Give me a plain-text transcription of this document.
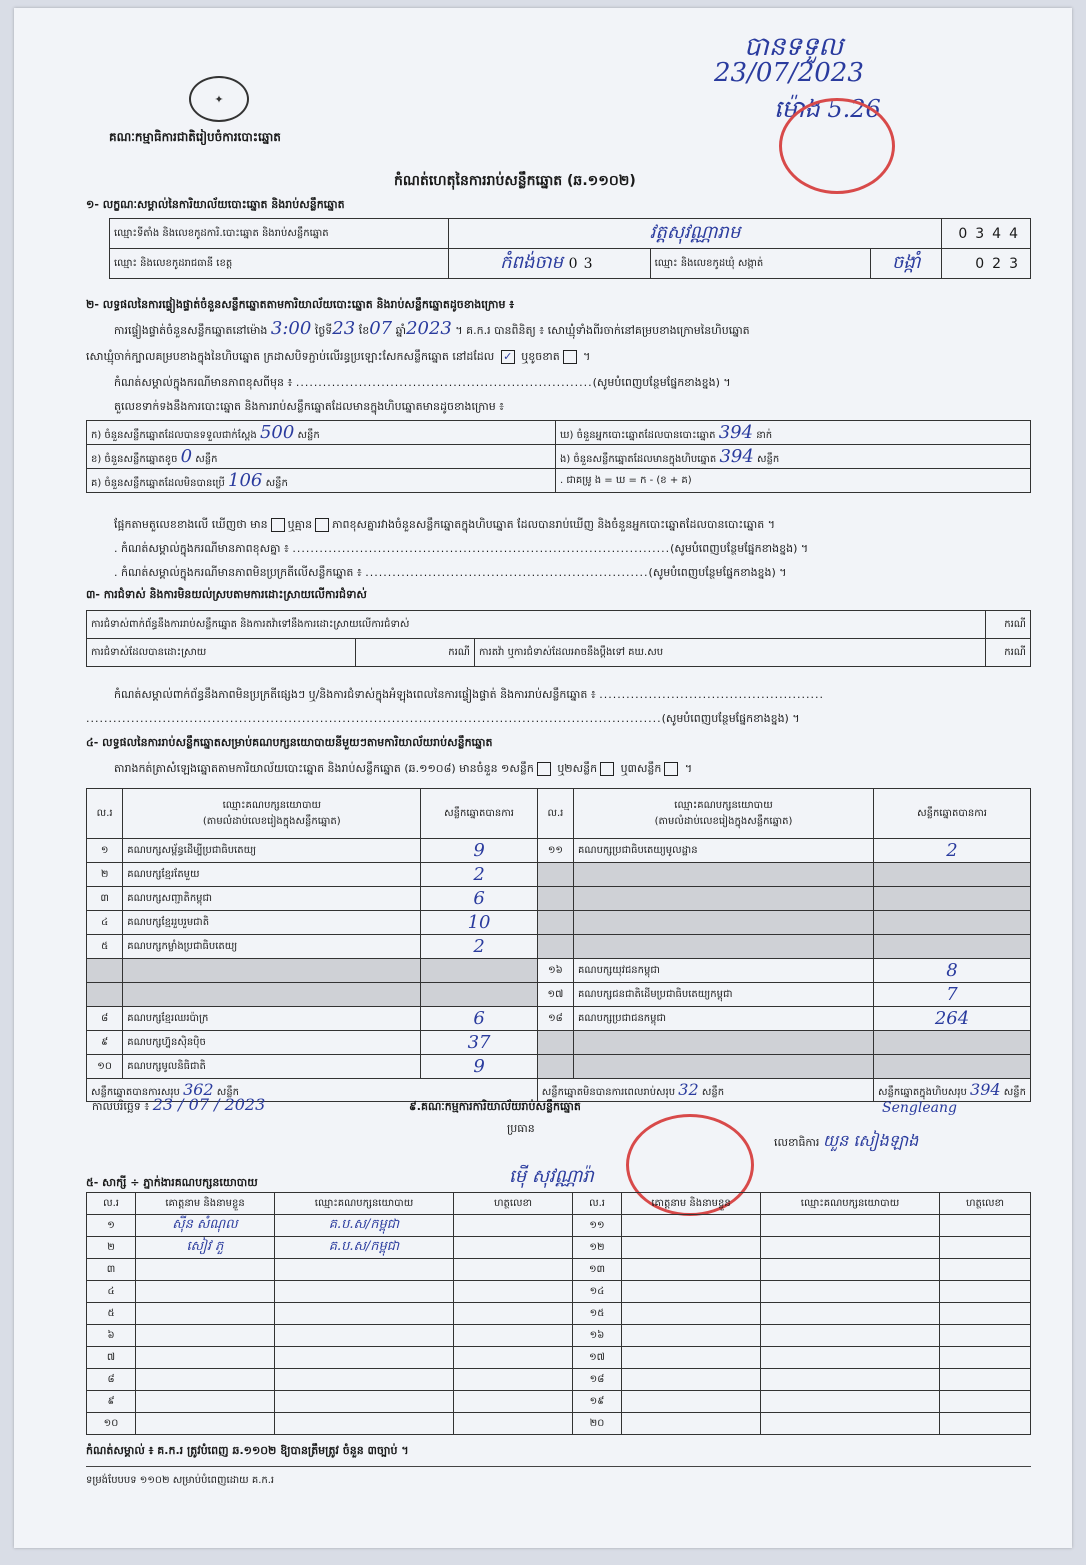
✦
គណៈកម្មាធិការជាតិរៀបចំការបោះឆ្នោត
បានទទួល
23/07/2023
ម៉ោង 5.26
កំណត់ហេតុនៃការរាប់សន្លឹកឆ្នោត (ឆ.១១០២)
១- លក្ខណៈសម្គាល់នៃការិយាល័យបោះឆ្នោត និងរាប់សន្លឹកឆ្នោត
ឈ្មោះទីតាំង និងលេខកូដការិ.បោះឆ្នោត និងរាប់សន្លឹកឆ្នោត	វត្តសុវណ្ណារាម			0344
ឈ្មោះ និងលេខកូដរាជធានី ខេត្ត	កំពង់ចាម 03	ឈ្មោះ និងលេខកូដឃុំ សង្កាត់	ចង្កាំ	023
២- លទ្ធផលនៃការផ្ទៀងផ្ទាត់ចំនួនសន្លឹកឆ្នោតតាមការិយាល័យបោះឆ្នោត និងរាប់សន្លឹកឆ្នោតដូចខាងក្រោម ៖
ការផ្ទៀងផ្ទាត់ចំនួនសន្លឹកឆ្នោតនៅម៉ោង 3:00 ថ្ងៃទី23 ខែ07 ឆ្នាំ2023 ។ គ.ក.រ បានពិនិត្យ ៖ សោឃ្មុំទាំងពីរចាក់នៅគម្របខាងក្រោមនៃហិបឆ្នោត
សោឃ្មុំចាក់ក្បាលគម្របខាងក្នុងនៃហិបឆ្នោត ក្រដាសបិទភ្ជាប់លើរន្ធប្រឡោះសែកសន្លឹកឆ្នោត នៅដដែល ✓ ឬខូចខាត ។
កំណត់សម្គាល់ក្នុងករណីមានភាពខុសពីមុន ៖ ..................................................................(សូមបំពេញបន្ថែមផ្នែកខាងខ្នង) ។
តួលេខទាក់ទងនឹងការបោះឆ្នោត និងការរាប់សន្លឹកឆ្នោតដែលមានក្នុងហិបឆ្នោតមានដូចខាងក្រោម ៖
ក) ចំនួនសន្លឹកឆ្នោតដែលបានទទួលជាក់ស្តែង 500 សន្លឹក	ឃ) ចំនួនអ្នកបោះឆ្នោតដែលបានបោះឆ្នោត 394 នាក់
ខ) ចំនួនសន្លឹកឆ្នោតខូច 0 សន្លឹក	ង) ចំនួនសន្លឹកឆ្នោតដែលមានក្នុងហិបឆ្នោត 394 សន្លឹក
គ) ចំនួនសន្លឹកឆ្នោតដែលមិនបានប្រើ 106 សន្លឹក	. ជាគម្រូ ង = ឃ = ក - (ខ + គ)
ផ្អែកតាមតួលេខខាងលើ ឃើញថា មាន ឬគ្មាន ភាពខុសគ្នារវាងចំនួនសន្លឹកឆ្នោតក្នុងហិបឆ្នោត ដែលបានរាប់ឃើញ និងចំនួនអ្នកបោះឆ្នោតដែលបានបោះឆ្នោត ។
. កំណត់សម្គាល់ក្នុងករណីមានភាពខុសគ្នា ៖ ....................................................................................(សូមបំពេញបន្ថែមផ្នែកខាងខ្នង) ។
. កំណត់សម្គាល់ក្នុងករណីមានភាពមិនប្រក្រតីលើសន្លឹកឆ្នោត ៖ ...............................................................(សូមបំពេញបន្ថែមផ្នែកខាងខ្នង) ។
៣- ការជំទាស់ និងការមិនយល់ស្របតាមការដោះស្រាយលើការជំទាស់
ការជំទាស់ពាក់ព័ន្ធនឹងការរាប់សន្លឹកឆ្នោត និងការតវ៉ាទៅនឹងការដោះស្រាយលើការជំទាស់			ករណី
ការជំទាស់ដែលបានដោះស្រាយ	ករណី	ការតវ៉ា ឬការជំទាស់ដែលអាចនឹងប្តឹងទៅ គឃ.សប	ករណី
កំណត់សម្គាល់ពាក់ព័ន្ធនឹងភាពមិនប្រក្រតីផ្សេងៗ ឬ/និងការជំទាស់ក្នុងអំឡុងពេលនៃការផ្ទៀងផ្ទាត់ និងការរាប់សន្លឹកឆ្នោត ៖ ..................................................
................................................................................................................................(សូមបំពេញបន្ថែមផ្នែកខាងខ្នង) ។
៤- លទ្ធផលនៃការរាប់សន្លឹកឆ្នោតសម្រាប់គណបក្សនយោបាយនីមួយៗតាមការិយាល័យរាប់សន្លឹកឆ្នោត
តារាងកត់ត្រាសំឡេងឆ្នោតតាមការិយាល័យបោះឆ្នោត និងរាប់សន្លឹកឆ្នោត (ឆ.១១០៨) មានចំនួន ១សន្លឹក ឬ២សន្លឹក ឬ៣សន្លឹក ។
ល.រ	ឈ្មោះគណបក្សនយោបាយ
(តាមលំដាប់លេខរៀងក្នុងសន្លឹកឆ្នោត)	សន្លឹកឆ្នោតបានការ	ល.រ	ឈ្មោះគណបក្សនយោបាយ
(តាមលំដាប់លេខរៀងក្នុងសន្លឹកឆ្នោត)	សន្លឹកឆ្នោតបានការ
១	គណបក្សសម្ព័ន្ធដើម្បីប្រជាធិបតេយ្យ	9	១១	គណបក្សប្រជាធិបតេយ្យមូលដ្ឋាន	2
២	គណបក្សខ្មែរតែមួយ	2			
៣	គណបក្សសញ្ជាតិកម្ពុជា	6			
៤	គណបក្សខ្មែររួបរួមជាតិ	10			
៥	គណបក្សកម្លាំងប្រជាធិបតេយ្យ	2			
			១៦	គណបក្សយុវជនកម្ពុជា	8
			១៧	គណបក្សជនជាតិដើមប្រជាធិបតេយ្យកម្ពុជា	7
៨	គណបក្សខ្មែរឈរប៉ាក្រ	6	១៨	គណបក្សប្រជាជនកម្ពុជា	264
៩	គណបក្សហ្វ៊ុនស៊ិនប៉ិច	37			
១០	គណបក្សមូលនិធិជាតិ	9			
សន្លឹកឆ្នោតបានការសរុប 362 សន្លឹក			សន្លឹកឆ្នោតមិនបានការពេលរាប់សរុប 32 សន្លឹក		សន្លឹកឆ្នោតក្នុងហិបសរុប 394 សន្លឹក
កាលបរិច្ឆេទ ៖ 23 / 07 / 2023	៩.គណៈកម្មការការិយាល័យរាប់សន្លឹកឆ្នោត
ប្រធាន
ម៉ើ សុវណ្ណារ៉ា
Sengleang
លេខាធិការ យួន សៀងឡាង
៥- សាក្សី ÷ ភ្នាក់ងារគណបក្សនយោបាយ
ល.រ	គោត្តនាម និងនាមខ្លួន	ឈ្មោះគណបក្សនយោបាយ	ហត្ថលេខា	ល.រ	គោត្តនាម និងនាមខ្លួន	ឈ្មោះគណបក្សនយោបាយ	ហត្ថលេខា
១	ស៊ីន សំណុល	គ.ប.ស/កម្ពុជា		១១			
២	សៀវ ភួ	គ.ប.ស/កម្ពុជា		១២			
៣				១៣			
៤				១៤			
៥				១៥			
៦				១៦			
៧				១៧			
៨				១៨			
៩				១៩			
១០				២០			
កំណត់សម្គាល់ ៖ គ.ក.រ ត្រូវបំពេញ ឆ.១១០២ ឱ្យបានត្រឹមត្រូវ ចំនួន ៣ច្បាប់ ។
ទម្រង់បែបបទ ១១០២ សម្រាប់បំពេញដោយ គ.ក.រ
